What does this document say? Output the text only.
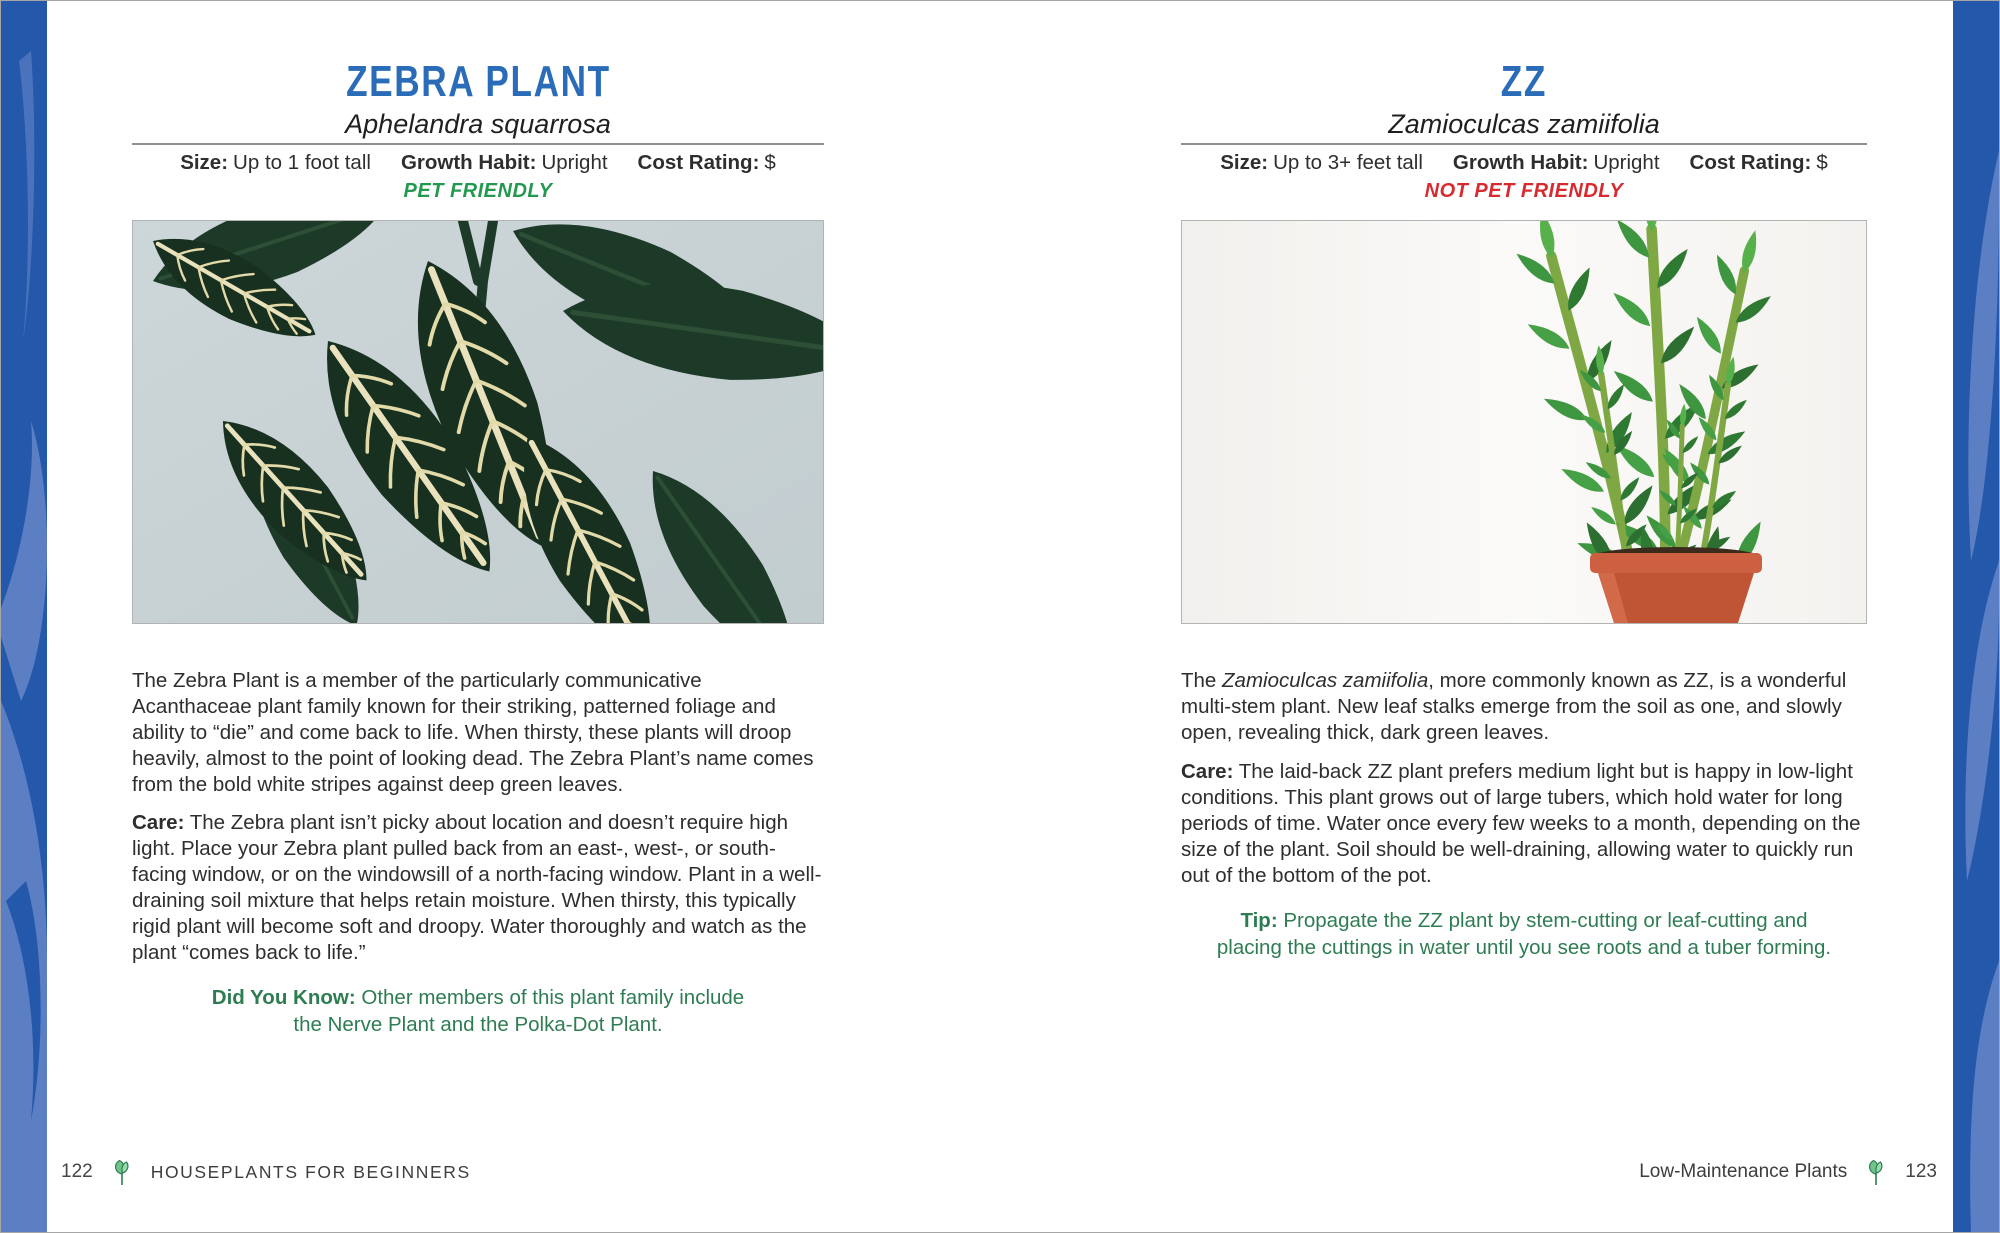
ZEBRA PLANT
Aphelandra squarrosa
Size: Up to 1 foot tall Growth Habit: Upright Cost Rating: $
PET FRIENDLY

The Zebra Plant is a member of the particularly communicative Acanthaceae plant family known for their striking, patterned foliage and ability to “die” and come back to life. When thirsty, these plants will droop heavily, almost to the point of looking dead. The Zebra Plant’s name comes from the bold white stripes against deep green leaves.

Care: The Zebra plant isn’t picky about location and doesn’t require high light. Place your Zebra plant pulled back from an east-, west-, or south-facing window, or on the windowsill of a north-facing window. Plant in a well-draining soil mixture that helps retain moisture. When thirsty, this typically rigid plant will become soft and droopy. Water thoroughly and watch as the plant “comes back to life.”

Did You Know: Other members of this plant family include the Nerve Plant and the Polka-Dot Plant.
ZZ
Zamioculcas zamiifolia
Size: Up to 3+ feet tall Growth Habit: Upright Cost Rating: $
NOT PET FRIENDLY

The Zamioculcas zamiifolia, more commonly known as ZZ, is a wonderful multi-stem plant. New leaf stalks emerge from the soil as one, and slowly open, revealing thick, dark green leaves.

Care: The laid-back ZZ plant prefers medium light but is happy in low-light conditions. This plant grows out of large tubers, which hold water for long periods of time. Water once every few weeks to a month, depending on the size of the plant. Soil should be well-draining, allowing water to quickly run out of the bottom of the pot.

Tip: Propagate the ZZ plant by stem-cutting or leaf-cutting and placing the cuttings in water until you see roots and a tuber forming.
122	HOUSEPLANTS FOR BEGINNERS	Low-Maintenance Plants	123
